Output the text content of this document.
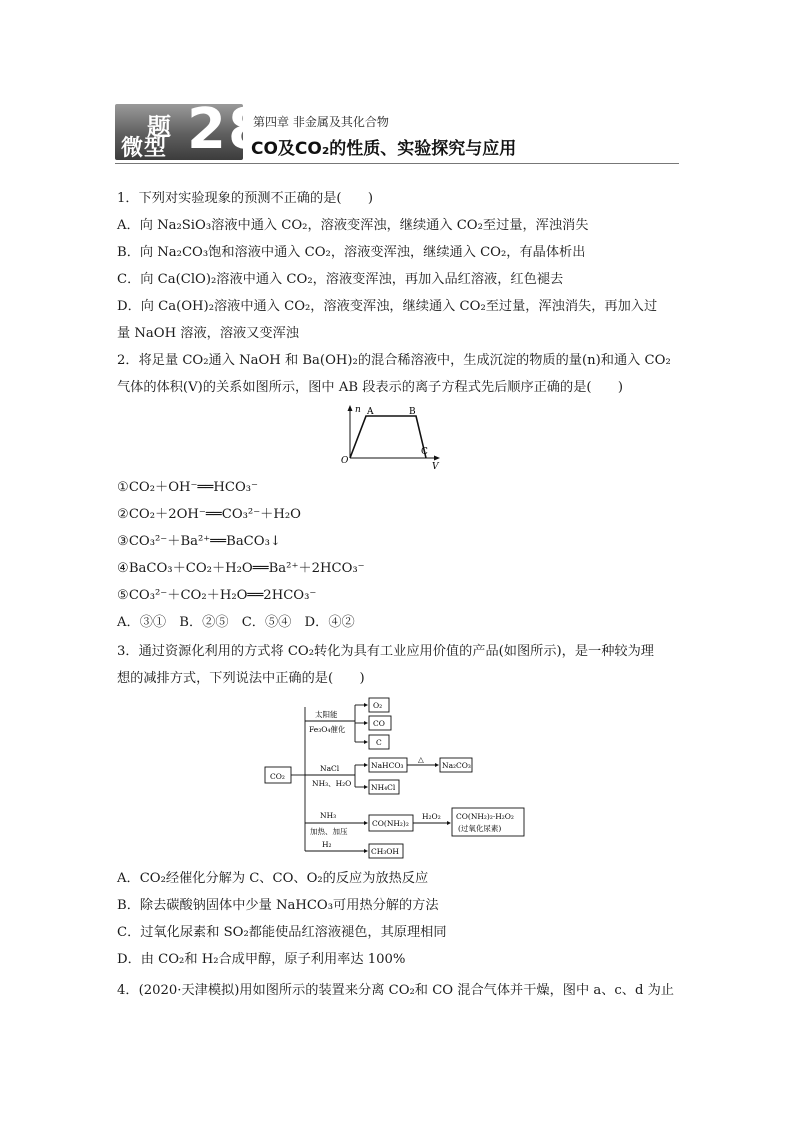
题
微型 28
第四章 非金属及其化合物
CO及CO₂的性质、实验探究与应用
1．下列对实验现象的预测不正确的是(　　)
A．向 Na₂SiO₃溶液中通入 CO₂，溶液变浑浊，继续通入 CO₂至过量，浑浊消失
B．向 Na₂CO₃饱和溶液中通入 CO₂，溶液变浑浊，继续通入 CO₂，有晶体析出
C．向 Ca(ClO)₂溶液中通入 CO₂，溶液变浑浊，再加入品红溶液，红色褪去
D．向 Ca(OH)₂溶液中通入 CO₂，溶液变浑浊，继续通入 CO₂至过量，浑浊消失，再加入过
量 NaOH 溶液，溶液又变浑浊
2．将足量 CO₂通入 NaOH 和 Ba(OH)₂的混合稀溶液中，生成沉淀的物质的量(n)和通入 CO₂
气体的体积(V)的关系如图所示，图中 AB 段表示的离子方程式先后顺序正确的是(　　)
n
V
O
A	B
C
①CO₂＋OH⁻══HCO₃⁻
②CO₂＋2OH⁻══CO₃²⁻＋H₂O
③CO₃²⁻＋Ba²⁺══BaCO₃↓
④BaCO₃＋CO₂＋H₂O══Ba²⁺＋2HCO₃⁻
⑤CO₃²⁻＋CO₂＋H₂O══2HCO₃⁻
A．③①　B．②⑤　C．⑤④　D．④②
3．通过资源化利用的方式将 CO₂转化为具有工业应用价值的产品(如图所示)，是一种较为理
想的减排方式，下列说法中正确的是(　　)
CO₂
太阳能
Fe₃O₄催化
O₂
CO
C
NaCl
NH₃、H₂O
NaHCO₃
△
Na₂CO₃
NH₄Cl
NH₃
加热、加压
CO(NH₂)₂
H₂O₂ CO(NH₂)₂·H₂O₂
(过氧化尿素)
H₂
CH₃OH
A．CO₂经催化分解为 C、CO、O₂的反应为放热反应
B．除去碳酸钠固体中少量 NaHCO₃可用热分解的方法
C．过氧化尿素和 SO₂都能使品红溶液褪色，其原理相同
D．由 CO₂和 H₂合成甲醇，原子利用率达 100%
4．(2020·天津模拟)用如图所示的装置来分离 CO₂和 CO 混合气体并干燥，图中 a、c、d 为止
